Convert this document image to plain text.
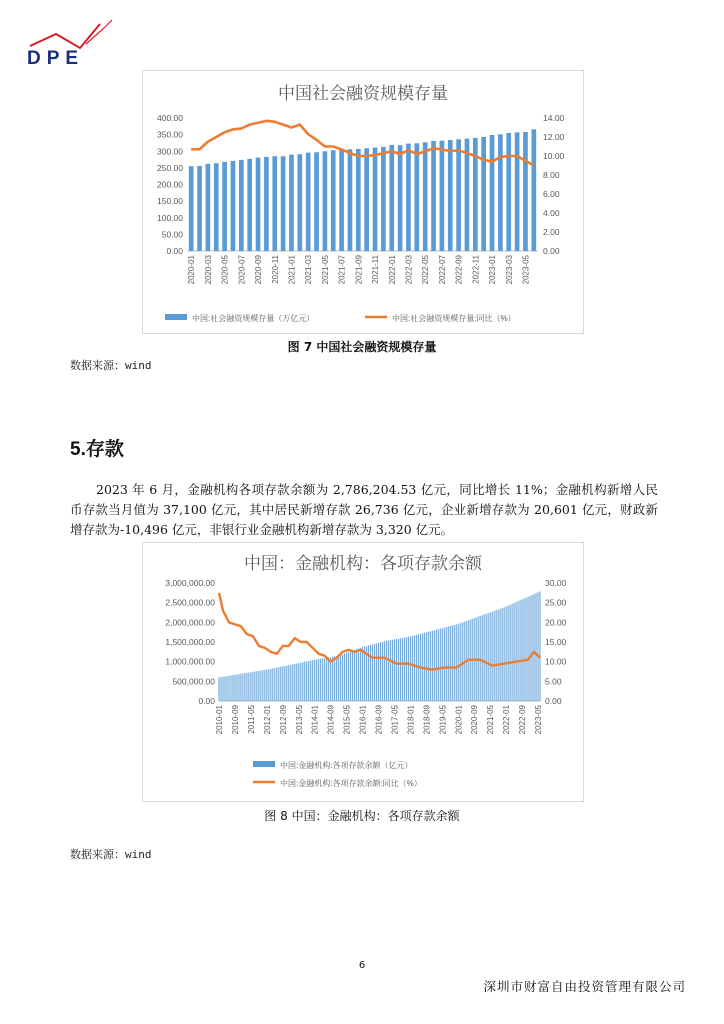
DPE
中国社会融资规模存量
0.00
50.00
100.00
150.00
200.00
250.00
300.00
350.00
400.00
0.00
2.00
4.00
6.00
8.00
10.00
12.00
14.00
2020-01 2020-03 2020-05 2020-07 2020-09 2020-11 2021-01 2021-03 2021-05 2021-07 2021-09 2021-11 2022-01 2022-03 2022-05 2022-07 2022-09 2022-11 2023-01 2023-03 2023-05
中国:社会融资规模存量（万亿元）	中国:社会融资规模存量:同比（%）
图 7 中国社会融资规模存量
数据来源：wind
5.存款

2023 年 6 月，金融机构各项存款余额为 2,786,204.53 亿元，同比增长 11%；金融机构新增人民币存款当月值为 37,100 亿元，其中居民新增存款 26,736 亿元，企业新增存款为 20,601 亿元，财政新增存款为-10,496 亿元，非银行业金融机构新增存款为 3,320 亿元。

中国：金融机构：各项存款余额
0.00
500,000.00
1,000,000.00
1,500,000.00
2,000,000.00
2,500,000.00
3,000,000.00
0.00
5.00
10.00
15.00
20.00
25.00
30.00
2010-01 2010-09 2011-05 2012-01 2012-09 2013-05 2014-01 2014-09 2015-05 2016-01 2016-09 2017-05 2018-01 2018-09 2019-05 2020-01 2020-09 2021-05 2022-01 2022-09 2023-05
中国:金融机构:各项存款余额（亿元）
中国:金融机构:各项存款余额:同比（%）
图 8 中国：金融机构：各项存款余额
数据来源：wind
6
深圳市财富自由投资管理有限公司
